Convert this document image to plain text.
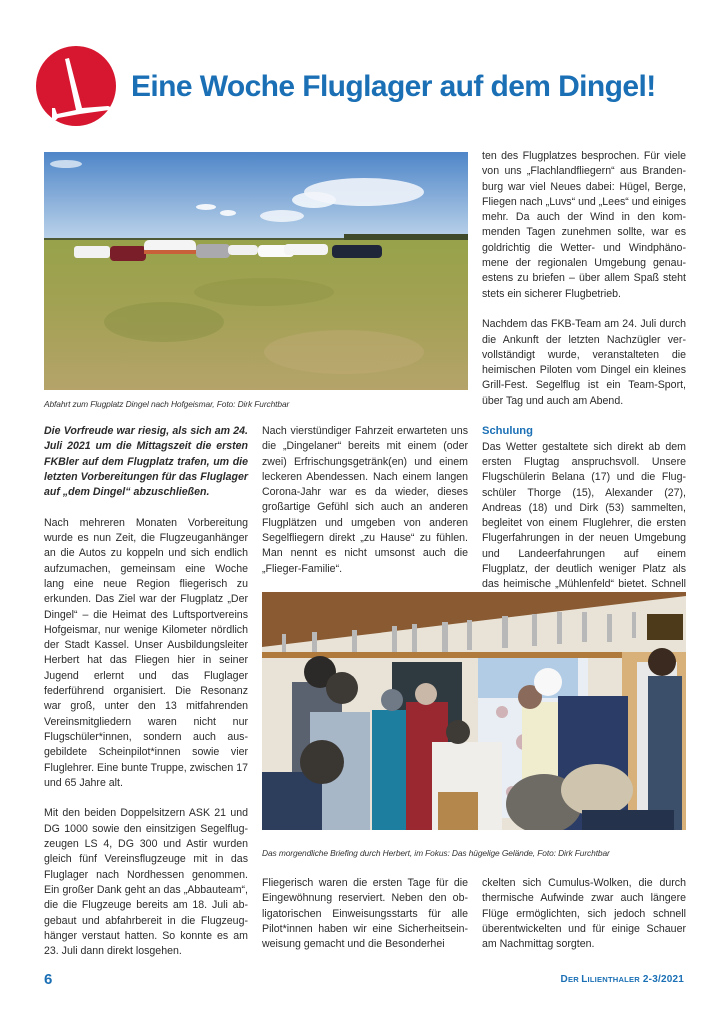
Eine Woche Fluglager auf dem Dingel!
Abfahrt zum Flugplatz Dingel nach Hofgeismar, Foto: Dirk Furchtbar

Die Vorfreude war riesig, als sich am 24. Juli 2021 um die Mittagszeit die ersten FKBler auf dem Flugplatz trafen, um die letzten Vorbereitungen für das Fluglager auf „dem Dingel“ abzuschließen.

Nach mehreren Monaten Vorbereitung wurde es nun Zeit, die Flugzeuganhänger an die Autos zu koppeln und sich endlich aufzumachen, gemeinsam eine Woche lang eine neue Region fliegerisch zu erkunden. Das Ziel war der Flugplatz „Der Dingel“ – die Heimat des Luftsportvereins Hofgeismar, nur wenige Kilometer nördlich der Stadt Kassel. Unser Ausbildungsleiter Herbert hat das Fliegen hier in seiner Jugend erlernt und das Fluglager federführend organisiert. Die Resonanz war groß, unter den 13 mitfahrenden Vereinsmitgliedern waren nicht nur Flugschüler*innen, sondern auch ausgebildete Scheinpilot*innen sowie vier Fluglehrer. Eine bunte Truppe, zwischen 17 und 65 Jahre alt.

Mit den beiden Doppelsitzern ASK 21 und DG 1000 sowie den einsitzigen Segelflugzeugen LS 4, DG 300 und Astir wurden gleich fünf Vereinsflugzeuge mit in das Fluglager nach Nordhessen genommen. Ein großer Dank geht an das „Abbauteam“, die die Flugzeuge bereits am 18. Juli abgebaut und abfahrbereit in die Flugzeughänger verstaut hatten. So konnte es am 23. Juli dann direkt losgehen.

Nach vierstündiger Fahrzeit erwarteten uns die „Dingelaner“ bereits mit einem (oder zwei) Erfrischungsgetränk(en) und einem leckeren Abendessen. Nach einem langen Corona-Jahr war es da wieder, dieses großartige Gefühl sich auch an anderen Flugplätzen und umgeben von anderen Segelfliegern direkt „zu Hause“ zu fühlen. Man nennt es nicht umsonst auch die „Flieger-Familie“.

ten des Flugplatzes besprochen. Für viele von uns „Flachlandfliegern“ aus Brandenburg war viel Neues dabei: Hügel, Berge, Fliegen nach „Luvs“ und „Lees“ und einiges mehr. Da auch der Wind in den kommenden Tagen zunehmen sollte, war es goldrichtig die Wetter- und Windphänomene der regionalen Umgebung genauestens zu briefen – über allem Spaß steht stets ein sicherer Flugbetrieb.

Nachdem das FKB-Team am 24. Juli durch die Ankunft der letzten Nachzügler vervollständigt wurde, veranstalteten die heimischen Piloten vom Dingel ein kleines Grill-Fest. Segelflug ist ein Team-Sport, über Tag und auch am Abend.

Schulung

Das Wetter gestaltete sich direkt ab dem ersten Flugtag anspruchsvoll. Unsere Flugschülerin Belana (17) und die Flugschüler Thorge (15), Alexander (27), Andreas (18) und Dirk (53) sammelten, begleitet von einem Fluglehrer, die ersten Flugerfahrungen in der neuen Umgebung und Landeerfahrungen auf einem Flugplatz, der deutlich weniger Platz als das heimische „Mühlenfeld“ bietet. Schnell

Das morgendliche Briefing durch Herbert, im Fokus: Das hügelige Gelände, Foto: Dirk Furchtbar

Fliegerisch waren die ersten Tage für die Eingewöhnung reserviert. Neben den obligatorischen Einweisungsstarts für alle Pilot*innen haben wir eine Sicherheitseinweisung gemacht und die Besonderhei

ckelten sich Cumulus-Wolken, die durch thermische Aufwinde zwar auch längere Flüge ermöglichten, sich jedoch schnell überentwickelten und für einige Schauer am Nachmittag sorgten.

6	DER LILIENTHALER 2-3/2021
